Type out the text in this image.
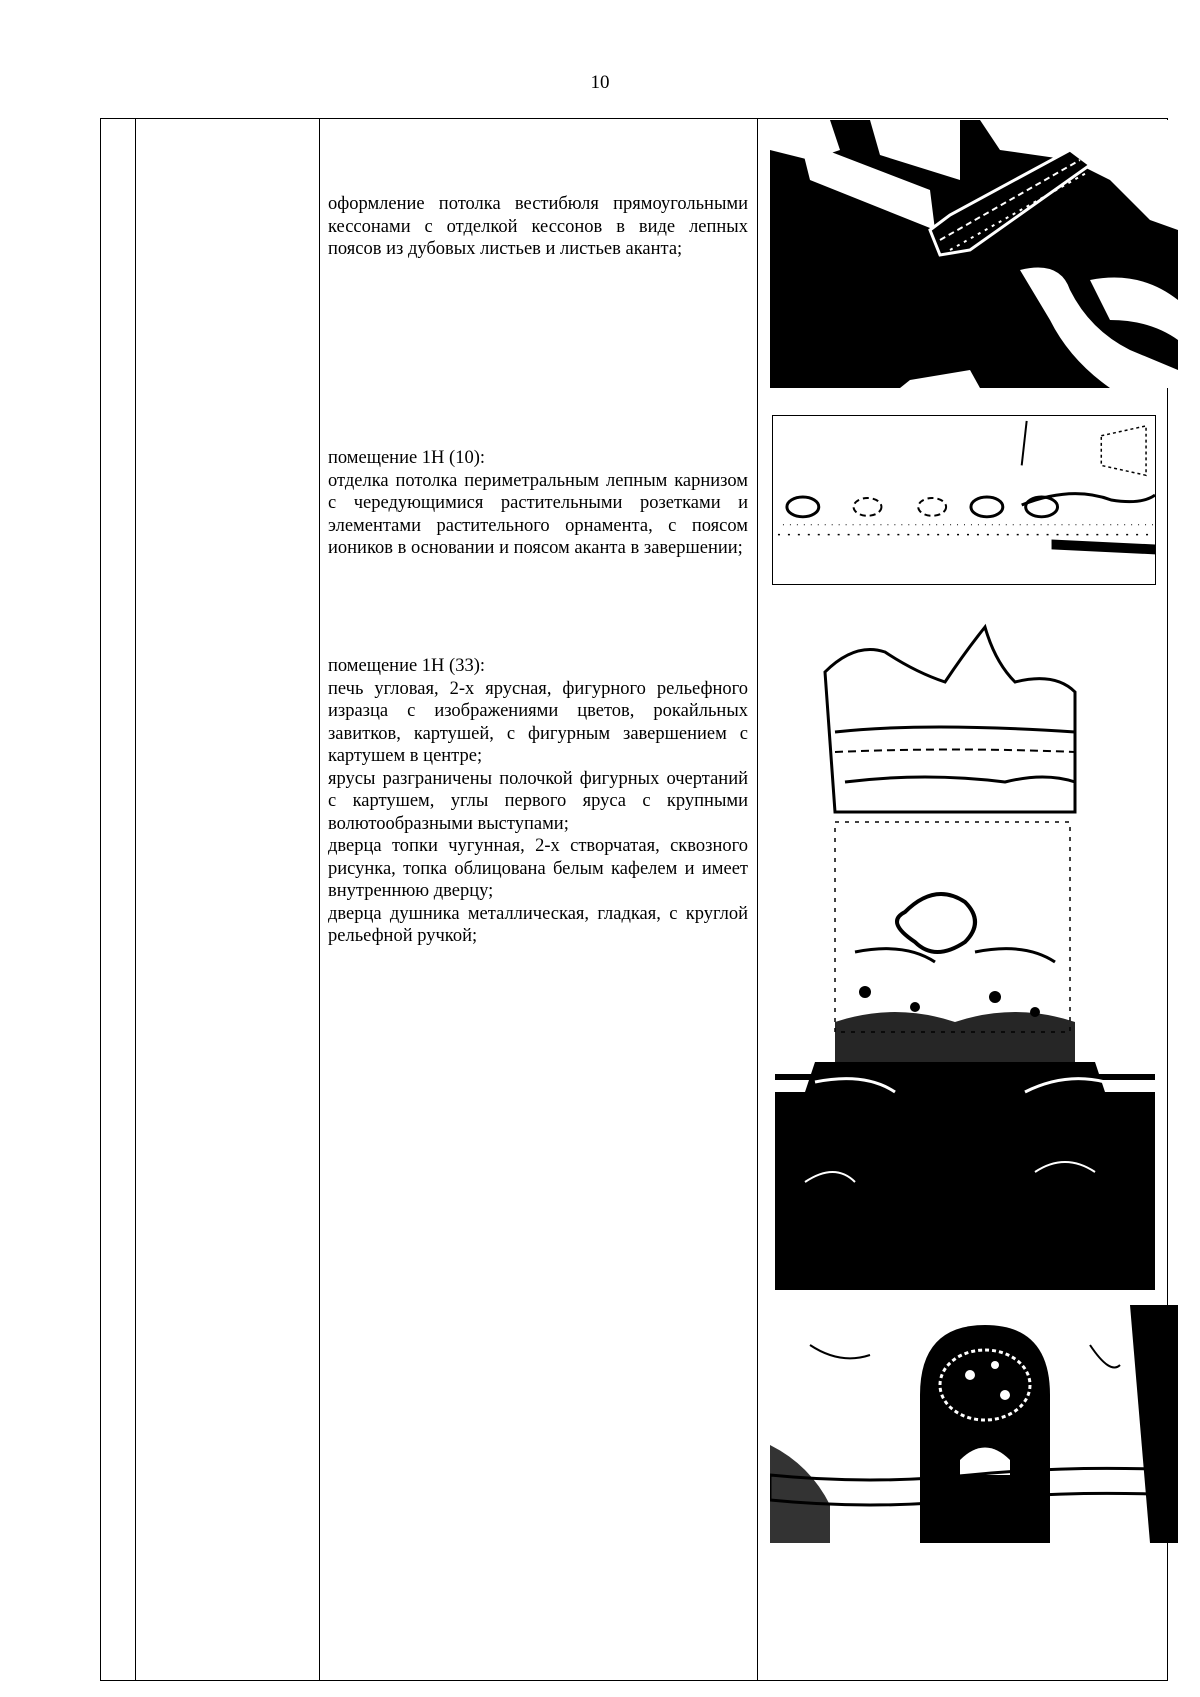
10

оформление потолка вестибюля прямоугольными кессонами с отделкой кессонов в виде лепных поясов из дубовых листьев и листьев аканта;

помещение 1Н (10):

отделка потолка периметральным лепным карнизом с чередующимися растительными розетками и элементами растительного орнамента, с поясом иоников в основании и поясом аканта в завершении;

помещение 1Н (33):

печь угловая, 2-х ярусная, фигурного рельефного изразца с изображениями цветов, рокайльных завитков, картушей, с фигурным завершением с картушем в центре;

ярусы разграничены полочкой фигурных очертаний с картушем, углы первого яруса с крупными волютообразными выступами;

дверца топки чугунная, 2-х створчатая, сквозного рисунка, топка облицована белым кафелем и имеет внутреннюю дверцу;

дверца душника металлическая, гладкая, с круглой рельефной ручкой;
